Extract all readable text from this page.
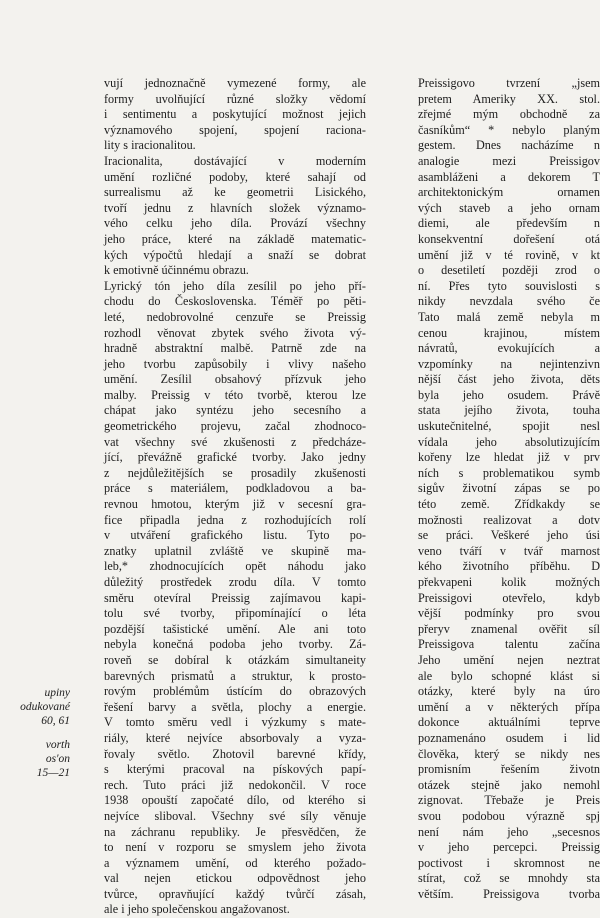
upiny
odukované
60, 61
vorth
os'on
15—21
vují jednoznačně vymezené formy, ale
formy uvolňující různé složky vědomí
i sentimentu a poskytující možnost jejich
významového spojení, spojení raciona-
lity s iracionalitou.
Iracionalita, dostávající v moderním
umění rozličné podoby, které sahají od
surrealismu až ke geometrii Lisického,
tvoří jednu z hlavních složek významo-
vého celku jeho díla. Provází všechny
jeho práce, které na základě matematic-
kých výpočtů hledají a snaží se dobrat
k emotivně účinnému obrazu.
Lyrický tón jeho díla zesílil po jeho pří-
chodu do Československa. Téměř po pěti-
leté, nedobrovolné cenzuře se Preissig
rozhodl věnovat zbytek svého života vý-
hradně abstraktní malbě. Patrně zde na
jeho tvorbu zapůsobily i vlivy našeho
umění. Zesílil obsahový přízvuk jeho
malby. Preissig v této tvorbě, kterou lze
chápat jako syntézu jeho secesního a
geometrického projevu, začal zhodnoco-
vat všechny své zkušenosti z předcháze-
jící, převážně grafické tvorby. Jako jedny
z nejdůležitějších se prosadily zkušenosti
práce s materiálem, podkladovou a ba-
revnou hmotou, kterým již v secesní gra-
fice připadla jedna z rozhodujících rolí
v utváření grafického listu. Tyto po-
znatky uplatnil zvláště ve skupině ma-
leb,* zhodnocujících opět náhodu jako
důležitý prostředek zrodu díla. V tomto
směru otevíral Preissig zajímavou kapi-
tolu své tvorby, připomínající o léta
pozdější tašistické umění. Ale ani toto
nebyla konečná podoba jeho tvorby. Zá-
roveň se dobíral k otázkám simultaneity
barevných prismatů a struktur, k prosto-
rovým problémům ústícím do obrazových
řešení barvy a světla, plochy a energie.
V tomto směru vedl i výzkumy s mate-
riály, které nejvíce absorbovaly a vyza-
řovaly světlo. Zhotovil barevné křídy,
s kterými pracoval na pískových papí-
rech. Tuto práci již nedokončil. V roce
1938 opouští započaté dílo, od kterého si
nejvíce sliboval. Všechny své síly věnuje
na záchranu republiky. Je přesvědčen, že
to není v rozporu se smyslem jeho života
a významem umění, od kterého požado-
val nejen etickou odpovědnost jeho
tvůrce, opravňující každý tvůrčí zásah,
ale i jeho společenskou angažovanost.
Preissigovo tvrzení „jsem
pretem Ameriky XX. stol.
zřejmé mým obchodně za
časníkům“ * nebylo planým
gestem. Dnes nacházíme n
analogie mezi Preissigov
asambláženi a dekorem T
architektonickým ornamen
vých staveb a jeho ornam
diemi, ale především n
konsekventní dořešení otá
umění již v té rovině, v kt
o desetiletí později zrod o
ní. Přes tyto souvislosti s
nikdy nevzdala svého če
Tato malá země nebyla m
cenou krajinou, místem
návratů, evokujících a
vzpomínky na nejintenzivn
nější část jeho života, děts
byla jeho osudem. Právě
stata jejího života, touha
uskutečnitelné, spojit nesl
vídala jeho absolutizujícím
kořeny lze hledat již v prv
ních s problematikou symb
sigův životní zápas se po
této země. Zřídkakdy se
možnosti realizovat a dotv
se práci. Veškeré jeho úsi
veno tváří v tvář marnost
kého životního příběhu. D
překvapeni kolik možných
Preissigovi otevřelo, kdyb
vější podmínky pro svou
přeryv znamenal ověřit síl
Preissigova talentu začína
Jeho umění nejen neztrat
ale bylo schopné klást si
otázky, které byly na úro
umění a v některých přípa
dokonce aktuálními teprve
poznamenáno osudem i lid
člověka, který se nikdy nes
promisním řešením životn
otázek stejně jako nemohl
zignovat. Třebaže je Preis
svou podobou výrazně spj
není nám jeho „secesnos
v jeho percepci. Preissig
poctivost i skromnost ne
stírat, což se mnohdy sta
větším. Preissigova tvorba
